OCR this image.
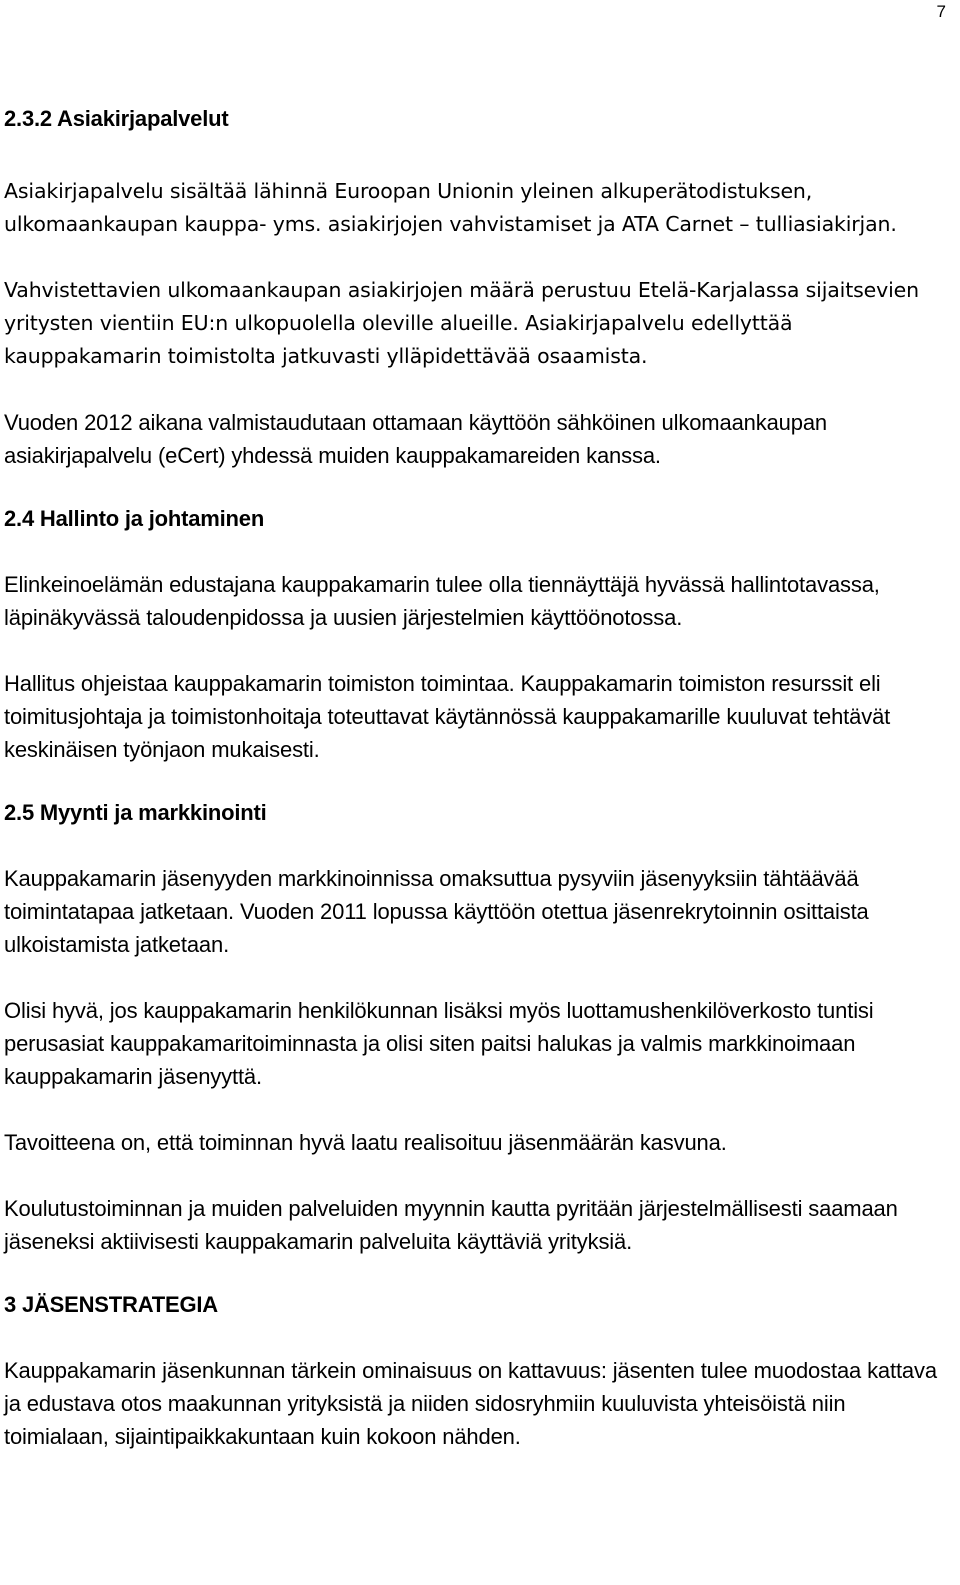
7
2.3.2 Asiakirjapalvelut

Asiakirjapalvelu sisältää lähinnä Euroopan Unionin yleinen alkuperätodistuksen, ulkomaankaupan kauppa- yms. asiakirjojen vahvistamiset ja ATA Carnet – tulliasiakirjan.

Vahvistettavien ulkomaankaupan asiakirjojen määrä perustuu Etelä-Karjalassa sijaitsevien yritysten vientiin EU:n ulkopuolella oleville alueille. Asiakirjapalvelu edellyttää kauppakamarin toimistolta jatkuvasti ylläpidettävää osaamista.

Vuoden 2012 aikana valmistaudutaan ottamaan käyttöön sähköinen ulkomaankaupan asiakirjapalvelu (eCert) yhdessä muiden kauppakamareiden kanssa.

2.4 Hallinto ja johtaminen

Elinkeinoelämän edustajana kauppakamarin tulee olla tiennäyttäjä hyvässä hallintotavassa, läpinäkyvässä taloudenpidossa ja uusien järjestelmien käyttöönotossa.

Hallitus ohjeistaa kauppakamarin toimiston toimintaa. Kauppakamarin toimiston resurssit eli toimitusjohtaja ja toimistonhoitaja toteuttavat käytännössä kauppakamarille kuuluvat tehtävät keskinäisen työnjaon mukaisesti.

2.5 Myynti ja markkinointi

Kauppakamarin jäsenyyden markkinoinnissa omaksuttua pysyviin jäsenyyksiin tähtäävää toimintatapaa jatketaan. Vuoden 2011 lopussa käyttöön otettua jäsenrekrytoinnin osittaista ulkoistamista jatketaan.

Olisi hyvä, jos kauppakamarin henkilökunnan lisäksi myös luottamushenkilöverkosto tuntisi perusasiat kauppakamaritoiminnasta ja olisi siten paitsi halukas ja valmis markkinoimaan kauppakamarin jäsenyyttä.

Tavoitteena on, että toiminnan hyvä laatu realisoituu jäsenmäärän kasvuna.

Koulutustoiminnan ja muiden palveluiden myynnin kautta pyritään järjestelmällisesti saamaan jäseneksi aktiivisesti kauppakamarin palveluita käyttäviä yrityksiä.

3 JÄSENSTRATEGIA

Kauppakamarin jäsenkunnan tärkein ominaisuus on kattavuus: jäsenten tulee muodostaa kattava ja edustava otos maakunnan yrityksistä ja niiden sidosryhmiin kuuluvista yhteisöistä niin toimialaan, sijaintipaikkakuntaan kuin kokoon nähden.
